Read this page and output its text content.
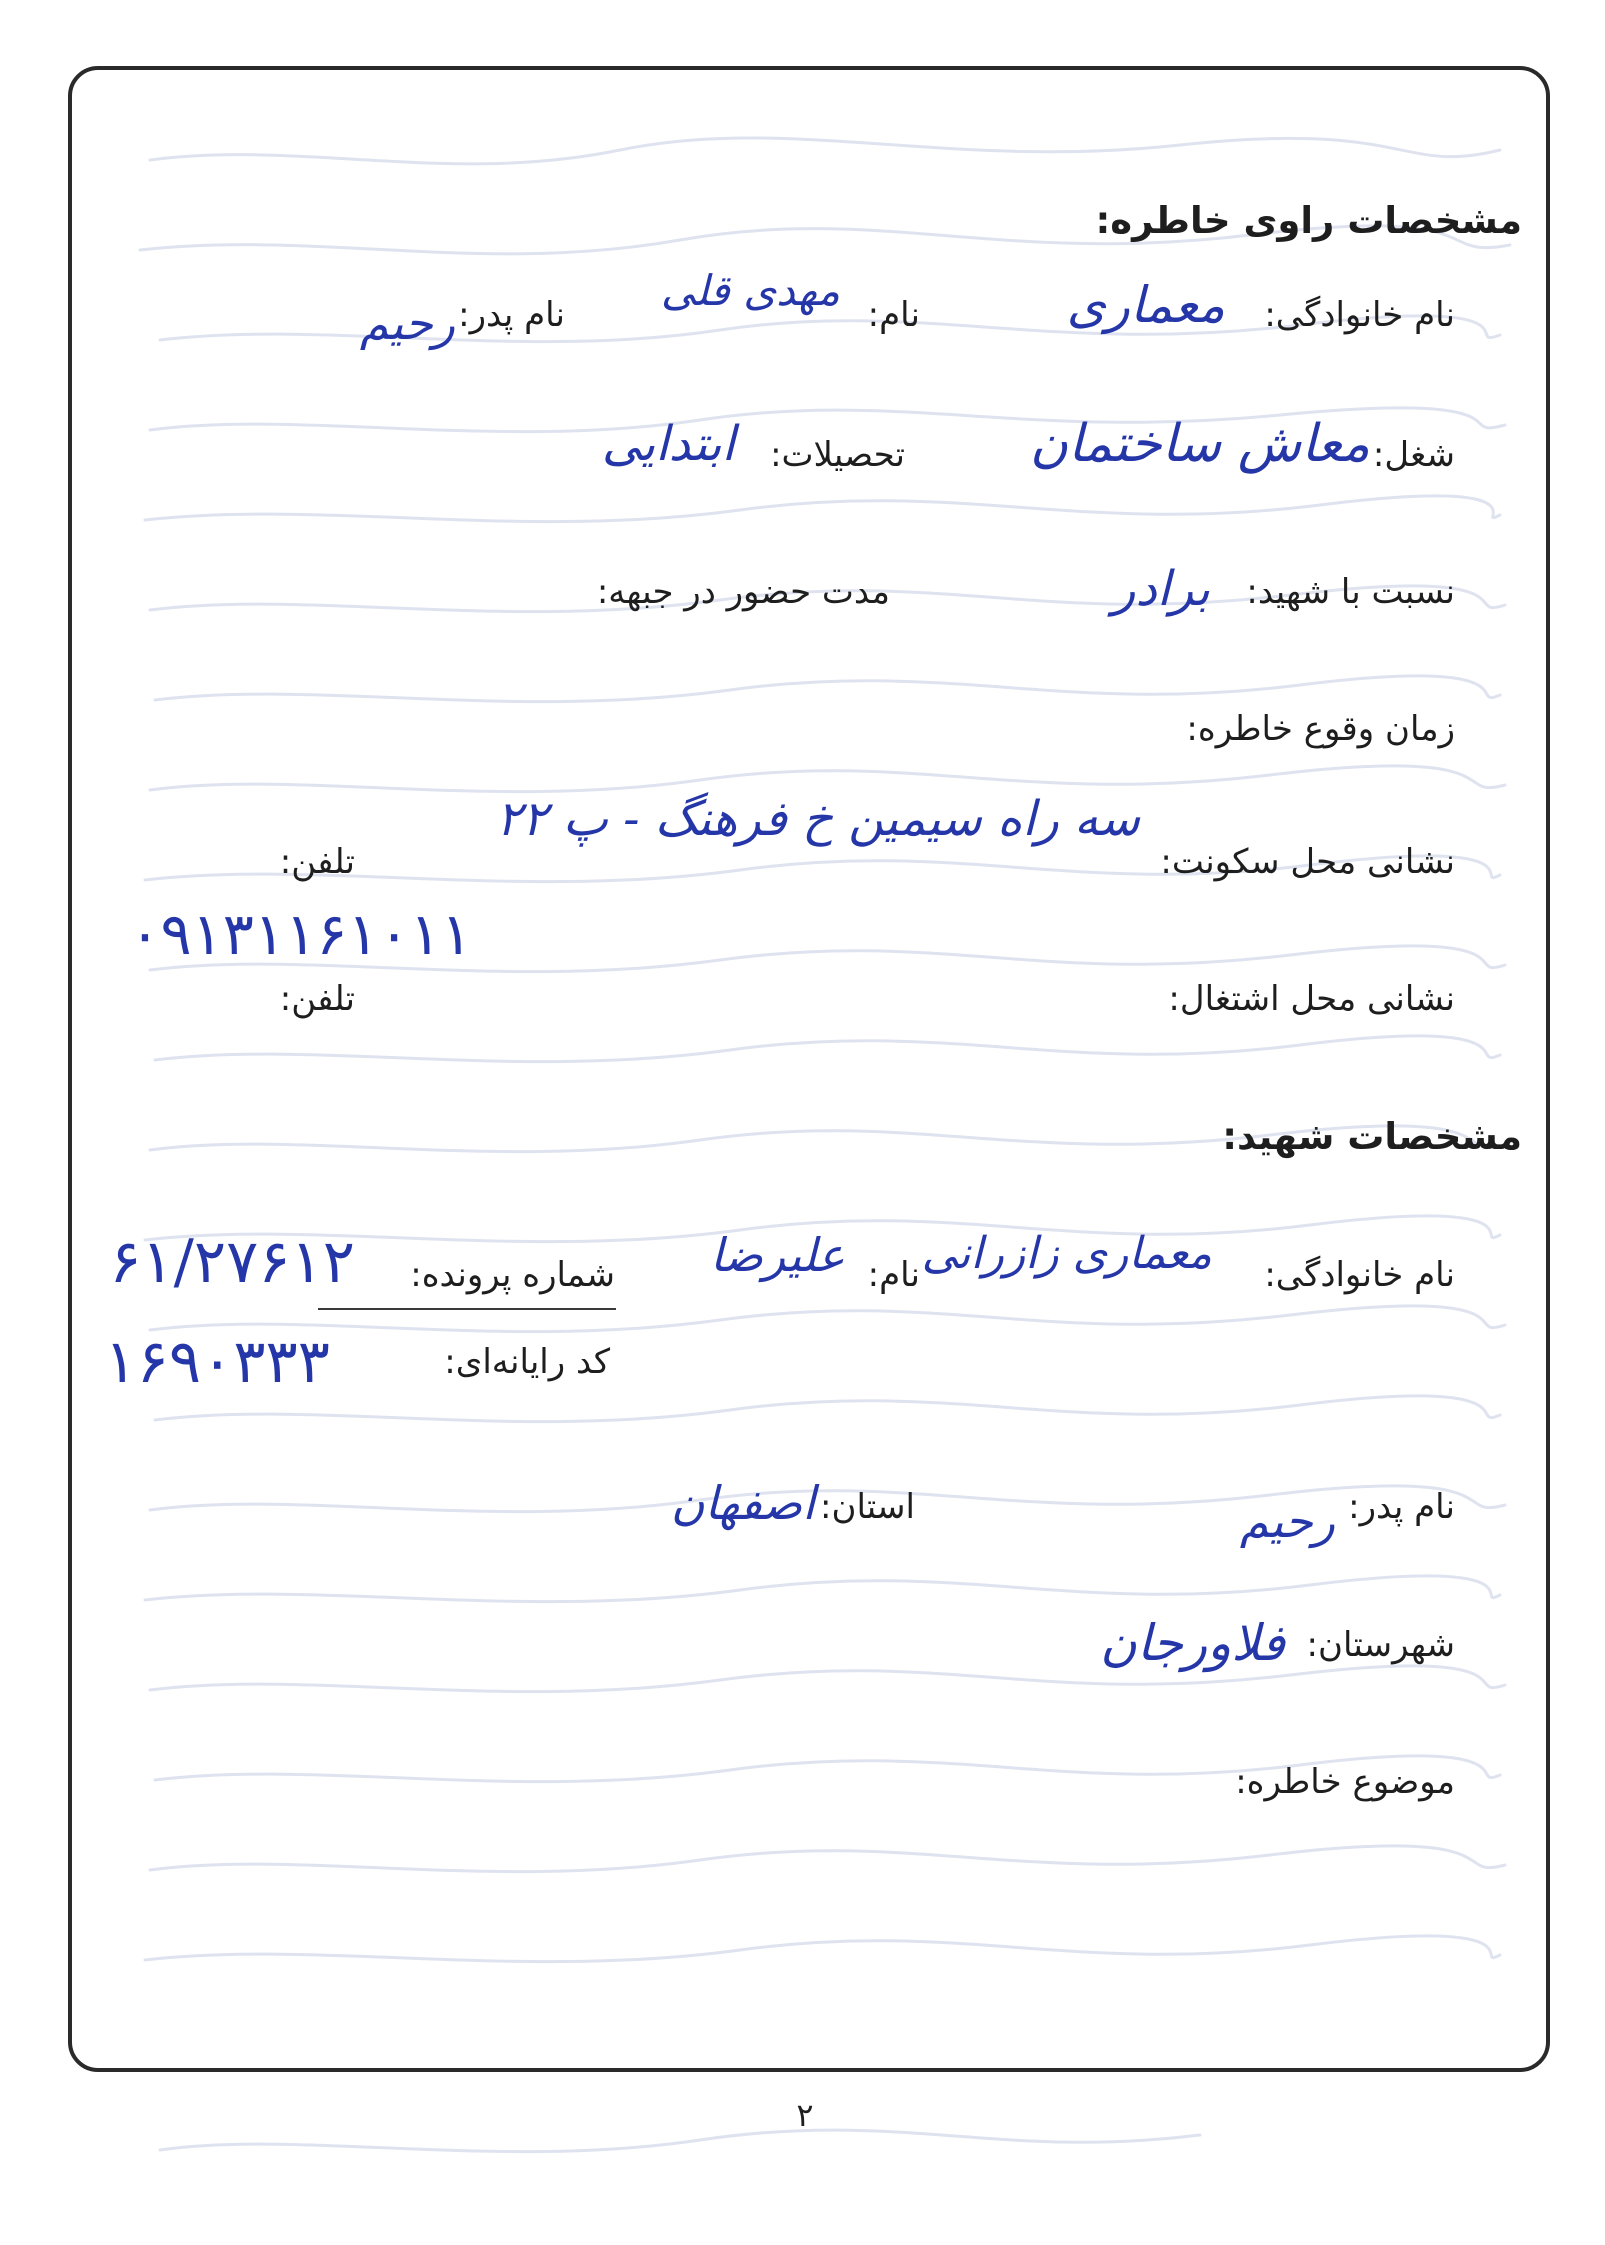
مشخصات راوی خاطره:
نام خانوادگی:
معماری
نام:
مهدی قلی
نام پدر:
رحیم
شغل:
معاش ساختمان
تحصیلات:
ابتدایی
نسبت با شهید:
برادر
مدت حضور در جبهه:
زمان وقوع خاطره:
نشانی محل سکونت:
سه راه سیمین خ فرهنگ - پ ۲۲
تلفن:
۰۹۱۳۱۱۶۱۰۱۱
نشانی محل اشتغال:
تلفن:
مشخصات شهید:
نام خانوادگی:
معماری زازرانی
نام:
علیرضا
شماره پرونده:
۶۱/۲۷۶۱۲
کد رایانه‌ای:
۱۶۹۰۳۳۳
نام پدر:
رحیم
استان:
اصفهان
شهرستان:
فلاورجان
موضوع خاطره:
۲
